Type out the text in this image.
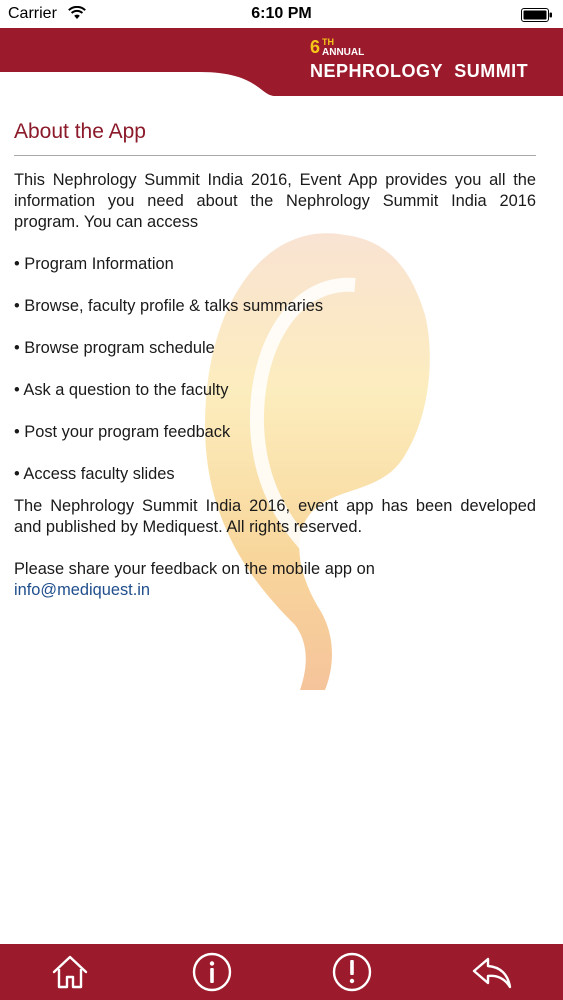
Carrier	6:10 PM
6 TH
ANNUAL
NEPHROLOGY SUMMIT
About the App

This Nephrology Summit India 2016, Event App provides you all the information you need about the Nephrology Summit India 2016 program. You can access

• Program Information
• Browse, faculty profile & talks summaries
• Browse program schedule
• Ask a question to the faculty
• Post your program feedback
• Access faculty slides

The Nephrology Summit India 2016, event app has been developed and published by Mediquest. All rights reserved.

Please share your feedback on the mobile app on
info@mediquest.in
